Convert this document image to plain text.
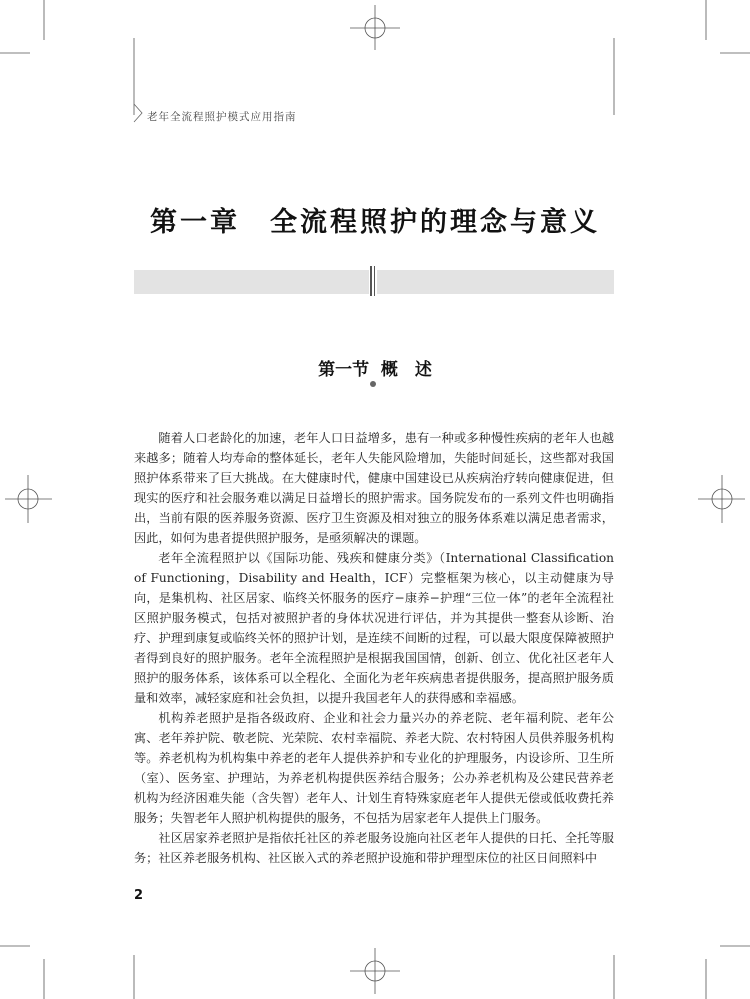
老年全流程照护模式应用指南
第一章　全流程照护的理念与意义
第一节 概　述

随着人口老龄化的加速，老年人口日益增多，患有一种或多种慢性疾病的老年人也越来越多；随着人均寿命的整体延长，老年人失能风险增加，失能时间延长，这些都对我国照护体系带来了巨大挑战。在大健康时代，健康中国建设已从疾病治疗转向健康促进，但现实的医疗和社会服务难以满足日益增长的照护需求。国务院发布的一系列文件也明确指出，当前有限的医养服务资源、医疗卫生资源及相对独立的服务体系难以满足患者需求，因此，如何为患者提供照护服务，是亟须解决的课题。

老年全流程照护以《国际功能、残疾和健康分类》（International Classification of Functioning，Disability and Health，ICF）完整框架为核心，以主动健康为导向，是集机构、社区居家、临终关怀服务的医疗−康养−护理“三位一体”的老年全流程社区照护服务模式，包括对被照护者的身体状况进行评估，并为其提供一整套从诊断、治疗、护理到康复或临终关怀的照护计划，是连续不间断的过程，可以最大限度保障被照护者得到良好的照护服务。老年全流程照护是根据我国国情，创新、创立、优化社区老年人照护的服务体系，该体系可以全程化、全面化为老年疾病患者提供服务，提高照护服务质量和效率，减轻家庭和社会负担，以提升我国老年人的获得感和幸福感。

机构养老照护是指各级政府、企业和社会力量兴办的养老院、老年福利院、老年公寓、老年养护院、敬老院、光荣院、农村幸福院、养老大院、农村特困人员供养服务机构等。养老机构为机构集中养老的老年人提供养护和专业化的护理服务，内设诊所、卫生所（室）、医务室、护理站，为养老机构提供医养结合服务；公办养老机构及公建民营养老机构为经济困难失能（含失智）老年人、计划生育特殊家庭老年人提供无偿或低收费托养服务；失智老年人照护机构提供的服务，不包括为居家老年人提供上门服务。

社区居家养老照护是指依托社区的养老服务设施向社区老年人提供的日托、全托等服务；社区养老服务机构、社区嵌入式的养老照护设施和带护理型床位的社区日间照料中

2
